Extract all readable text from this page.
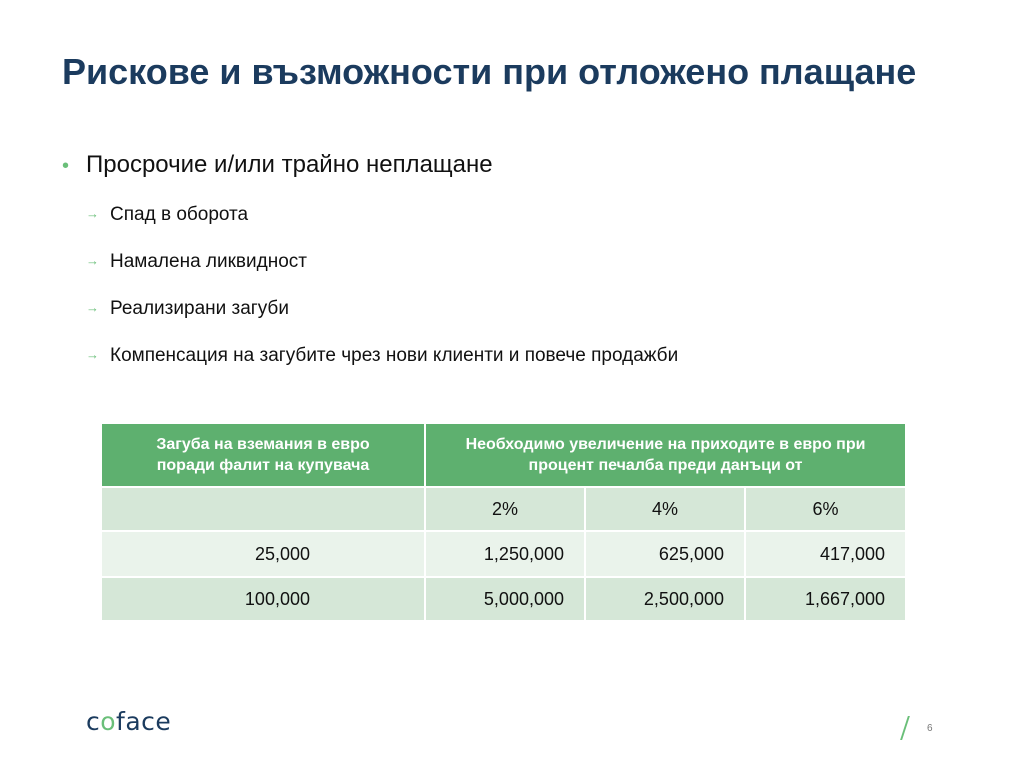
Рискове и възможности при отложено плащане
• Просрочие и/или трайно неплащане
→ Спад в оборота
→ Намалена ликвидност
→ Реализирани загуби
→ Компенсация на загубите чрез нови клиенти и повече продажби
Загуба на вземания в евро поради фалит на купувача	Необходимо увеличение на приходите в евро при процент печалба преди данъци от		
	2%	4%	6%
25,000	1,250,000	625,000	417,000
100,000	5,000,000	2,500,000	1,667,000
coface	6
